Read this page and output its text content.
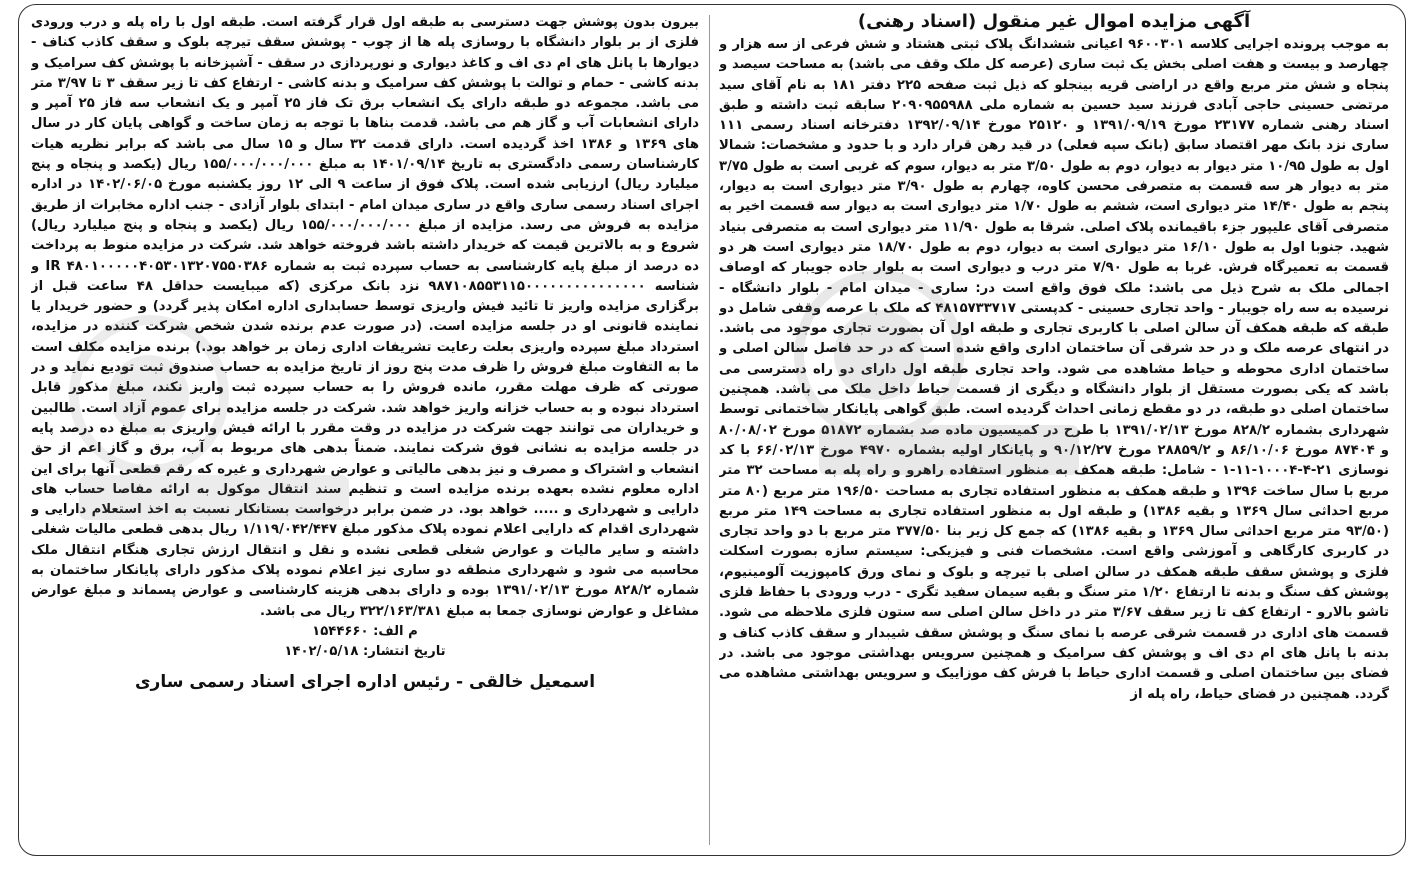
آگهی مزایده اموال غیر منقول (اسناد رهنی)

به موجب پرونده اجرایی کلاسه ۹۶۰۰۳۰۱ اعیانی ششدانگ پلاک ثبتی هشتاد و شش فرعی از سه هزار و چهارصد و بیست و هفت اصلی بخش یک ثبت ساری (عرصه کل ملک وقف می باشد) به مساحت سیصد و پنجاه و شش متر مربع واقع در اراضی قریه بینجلو که ذیل ثبت صفحه ۲۲۵ دفتر ۱۸۱ به نام آقای سید مرتضی حسینی حاجی آبادی فرزند سید حسین به شماره ملی ۲۰۹۰۹۵۵۹۸۸ سابقه ثبت داشته و طبق اسناد رهنی شماره ۲۳۱۷۷ مورخ ۱۳۹۱/۰۹/۱۹ و ۲۵۱۲۰ مورخ ۱۳۹۲/۰۹/۱۴ دفترخانه اسناد رسمی ۱۱۱ ساری نزد بانک مهر اقتصاد سابق (بانک سپه فعلی) در قید رهن قرار دارد و با حدود و مشخصات: شمالا اول به طول ۱۰/۹۵ متر دیوار به دیوار، دوم به طول ۳/۵۰ متر به دیوار، سوم که غربی است به طول ۳/۷۵ متر به دیوار هر سه قسمت به متصرفی محسن کاوه، چهارم به طول ۳/۹۰ متر دیواری است به دیوار، پنجم به طول ۱۴/۴۰ متر دیواری است، ششم به طول ۱/۷۰ متر دیواری است به دیوار سه قسمت اخیر به متصرفی آقای علیپور جزء باقیمانده پلاک اصلی. شرقا به طول ۱۱/۹۰ متر دیواری است به متصرفی بنیاد شهید. جنوبا اول به طول ۱۶/۱۰ متر دیواری است به دیوار، دوم به طول ۱۸/۷۰ متر دیواری است هر دو قسمت به تعمیرگاه فرش. غربا به طول ۷/۹۰ متر درب و دیواری است به بلوار جاده جویبار که اوصاف اجمالی ملک به شرح ذیل می باشد: ملک فوق واقع است در: ساری - میدان امام - بلوار دانشگاه - نرسیده به سه راه جویبار - واحد تجاری حسینی - کدپستی ۴۸۱۵۷۳۳۷۱۷ که ملک با عرصه وقفی شامل دو طبقه که طبقه همکف آن سالن اصلی با کاربری تجاری و طبقه اول آن بصورت تجاری موجود می باشد. در انتهای عرصه ملک و در حد شرقی آن ساختمان اداری واقع شده است که در حد فاصل سالن اصلی و ساختمان اداری محوطه و حیاط مشاهده می شود. واحد تجاری طبقه اول دارای دو راه دسترسی می باشد که یکی بصورت مستقل از بلوار دانشگاه و دیگری از قسمت حیاط داخل ملک می باشد. همچنین ساختمان اصلی دو طبقه، در دو مقطع زمانی احداث گردیده است. طبق گواهی پایانکار ساختمانی توسط شهرداری بشماره ۸۲۸/۲ مورخ ۱۳۹۱/۰۲/۱۳ با طرح در کمیسیون ماده صد بشماره ۵۱۸۷۲ مورخ ۸۰/۰۸/۰۲ و ۸۷۴۰۴ مورخ ۸۶/۱۰/۰۶ و ۲۸۸۵۹/۲ مورخ ۹۰/۱۲/۲۷ و پایانکار اولیه بشماره ۴۹۷۰ مورخ ۶۶/۰۲/۱۳ با کد نوسازی ۲۱-۴-۱۰۰۰۴-۱۱-۱ - شامل: طبقه همکف به منظور استفاده راهرو و راه پله به مساحت ۳۲ متر مربع با سال ساخت ۱۳۹۶ و طبقه همکف به منظور استفاده تجاری به مساحت ۱۹۶/۵۰ متر مربع (۸۰ متر مربع احداثی سال ۱۳۶۹ و بقیه ۱۳۸۶) و طبقه اول به منظور استفاده تجاری به مساحت ۱۴۹ متر مربع (۹۳/۵۰ متر مربع احداثی سال ۱۳۶۹ و بقیه ۱۳۸۶) که جمع کل زیر بنا ۳۷۷/۵۰ متر مربع با دو واحد تجاری در کاربری کارگاهی و آموزشی واقع است. مشخصات فنی و فیزیکی: سیستم سازه بصورت اسکلت فلزی و پوشش سقف طبقه همکف در سالن اصلی با تیرچه و بلوک و نمای ورق کامپوزیت آلومینیوم، پوشش کف سنگ و بدنه تا ارتفاع ۱/۲۰ متر سنگ و بقیه سیمان سفید تگری - درب ورودی با حفاظ فلزی تاشو بالارو - ارتفاع کف تا زیر سقف ۳/۶۷ متر در داخل سالن اصلی سه ستون فلزی ملاحظه می شود. قسمت های اداری در قسمت شرقی عرصه با نمای سنگ و پوشش سقف شیبدار و سقف کاذب کناف و بدنه با پانل های ام دی اف و پوشش کف سرامیک و همچنین سرویس بهداشتی موجود می باشد. در فضای بین ساختمان اصلی و قسمت اداری حیاط با فرش کف موزاییک و سرویس بهداشتی مشاهده می گردد. همچنین در فضای حیاط، راه پله از

بیرون بدون پوشش جهت دسترسی به طبقه اول قرار گرفته است. طبقه اول با راه پله و درب ورودی فلزی از بر بلوار دانشگاه با روسازی پله ها از چوب - پوشش سقف تیرچه بلوک و سقف کاذب کناف - دیوارها با پانل های ام دی اف و کاغذ دیواری و نورپردازی در سقف - آشپزخانه با پوشش کف سرامیک و بدنه کاشی - حمام و توالت با پوشش کف سرامیک و بدنه کاشی - ارتفاع کف تا زیر سقف ۳ تا ۳/۹۷ متر می باشد. مجموعه دو طبقه دارای یک انشعاب برق تک فاز ۲۵ آمپر و یک انشعاب سه فاز ۲۵ آمپر و دارای انشعابات آب و گاز هم می باشد. قدمت بناها با توجه به زمان ساخت و گواهی پایان کار در سال های ۱۳۶۹ و ۱۳۸۶ اخذ گردیده است. دارای قدمت ۳۲ سال و ۱۵ سال می باشد که برابر نظریه هیات کارشناسان رسمی دادگستری به تاریخ ۱۴۰۱/۰۹/۱۴ به مبلغ ۱۵۵/۰۰۰/۰۰۰/۰۰۰ ریال (یکصد و پنجاه و پنج میلیارد ریال) ارزیابی شده است. پلاک فوق از ساعت ۹ الی ۱۲ روز یکشنبه مورخ ۱۴۰۲/۰۶/۰۵ در اداره اجرای اسناد رسمی ساری واقع در ساری میدان امام - ابتدای بلوار آزادی - جنب اداره مخابرات از طریق مزایده به فروش می رسد. مزایده از مبلغ ۱۵۵/۰۰۰/۰۰۰/۰۰۰ ریال (یکصد و پنجاه و پنج میلیارد ریال) شروع و به بالاترین قیمت که خریدار داشته باشد فروخته خواهد شد. شرکت در مزایده منوط به پرداخت ده درصد از مبلغ پایه کارشناسی به حساب سپرده ثبت به شماره IR ۴۸۰۱۰۰۰۰۰۴۰۵۳۰۱۳۲۰۷۵۵۰۳۸۶ و شناسه ۹۸۷۱۰۸۵۵۳۱۱۵۰۰۰۰۰۰۰۰۰۰۰۰۰۰۰ نزد بانک مرکزی (که میبایست حداقل ۴۸ ساعت قبل از برگزاری مزایده واریز تا تائید فیش واریزی توسط حسابداری اداره امکان پذیر گردد) و حضور خریدار یا نماینده قانونی او در جلسه مزایده است. (در صورت عدم برنده شدن شخص شرکت کننده در مزایده، استرداد مبلغ سپرده واریزی بعلت رعایت تشریفات اداری زمان بر خواهد بود.) برنده مزایده مکلف است ما به التفاوت مبلغ فروش را ظرف مدت پنج روز از تاریخ مزایده به حساب صندوق ثبت تودیع نماید و در صورتی که ظرف مهلت مقرر، مانده فروش را به حساب سپرده ثبت واریز نکند، مبلغ مذکور قابل استرداد نبوده و به حساب خزانه واریز خواهد شد. شرکت در جلسه مزایده برای عموم آزاد است. طالبین و خریداران می توانند جهت شرکت در مزایده در وقت مقرر با ارائه فیش واریزی به مبلغ ده درصد پایه در جلسه مزایده به نشانی فوق شرکت نمایند. ضمناً بدهی های مربوط به آب، برق و گاز اعم از حق انشعاب و اشتراک و مصرف و نیز بدهی مالیاتی و عوارض شهرداری و غیره که رقم قطعی آنها برای این اداره معلوم نشده بعهده برنده مزایده است و تنظیم سند انتقال موکول به ارائه مفاصا حساب های دارایی و شهرداری و ..... خواهد بود. در ضمن برابر درخواست بستانکار نسبت به اخذ استعلام دارایی و شهرداری اقدام که دارایی اعلام نموده پلاک مذکور مبلغ ۱/۱۱۹/۰۴۲/۴۴۷ ریال بدهی قطعی مالیات شغلی داشته و سایر مالیات و عوارض شغلی قطعی نشده و نقل و انتقال ارزش تجاری هنگام انتقال ملک محاسبه می شود و شهرداری منطقه دو ساری نیز اعلام نموده پلاک مذکور دارای پایانکار ساختمان به شماره ۸۲۸/۲ مورخ ۱۳۹۱/۰۲/۱۳ بوده و دارای بدهی هزینه کارشناسی و عوارض پسماند و مبلغ عوارض مشاغل و عوارض نوسازی جمعا به مبلغ ۳۲۲/۱۶۳/۳۸۱ ریال می باشد.

م الف: ۱۵۴۴۶۶۰

تاریخ انتشار: ۱۴۰۲/۰۵/۱۸

اسمعیل خالقی - رئیس اداره اجرای اسناد رسمی ساری
